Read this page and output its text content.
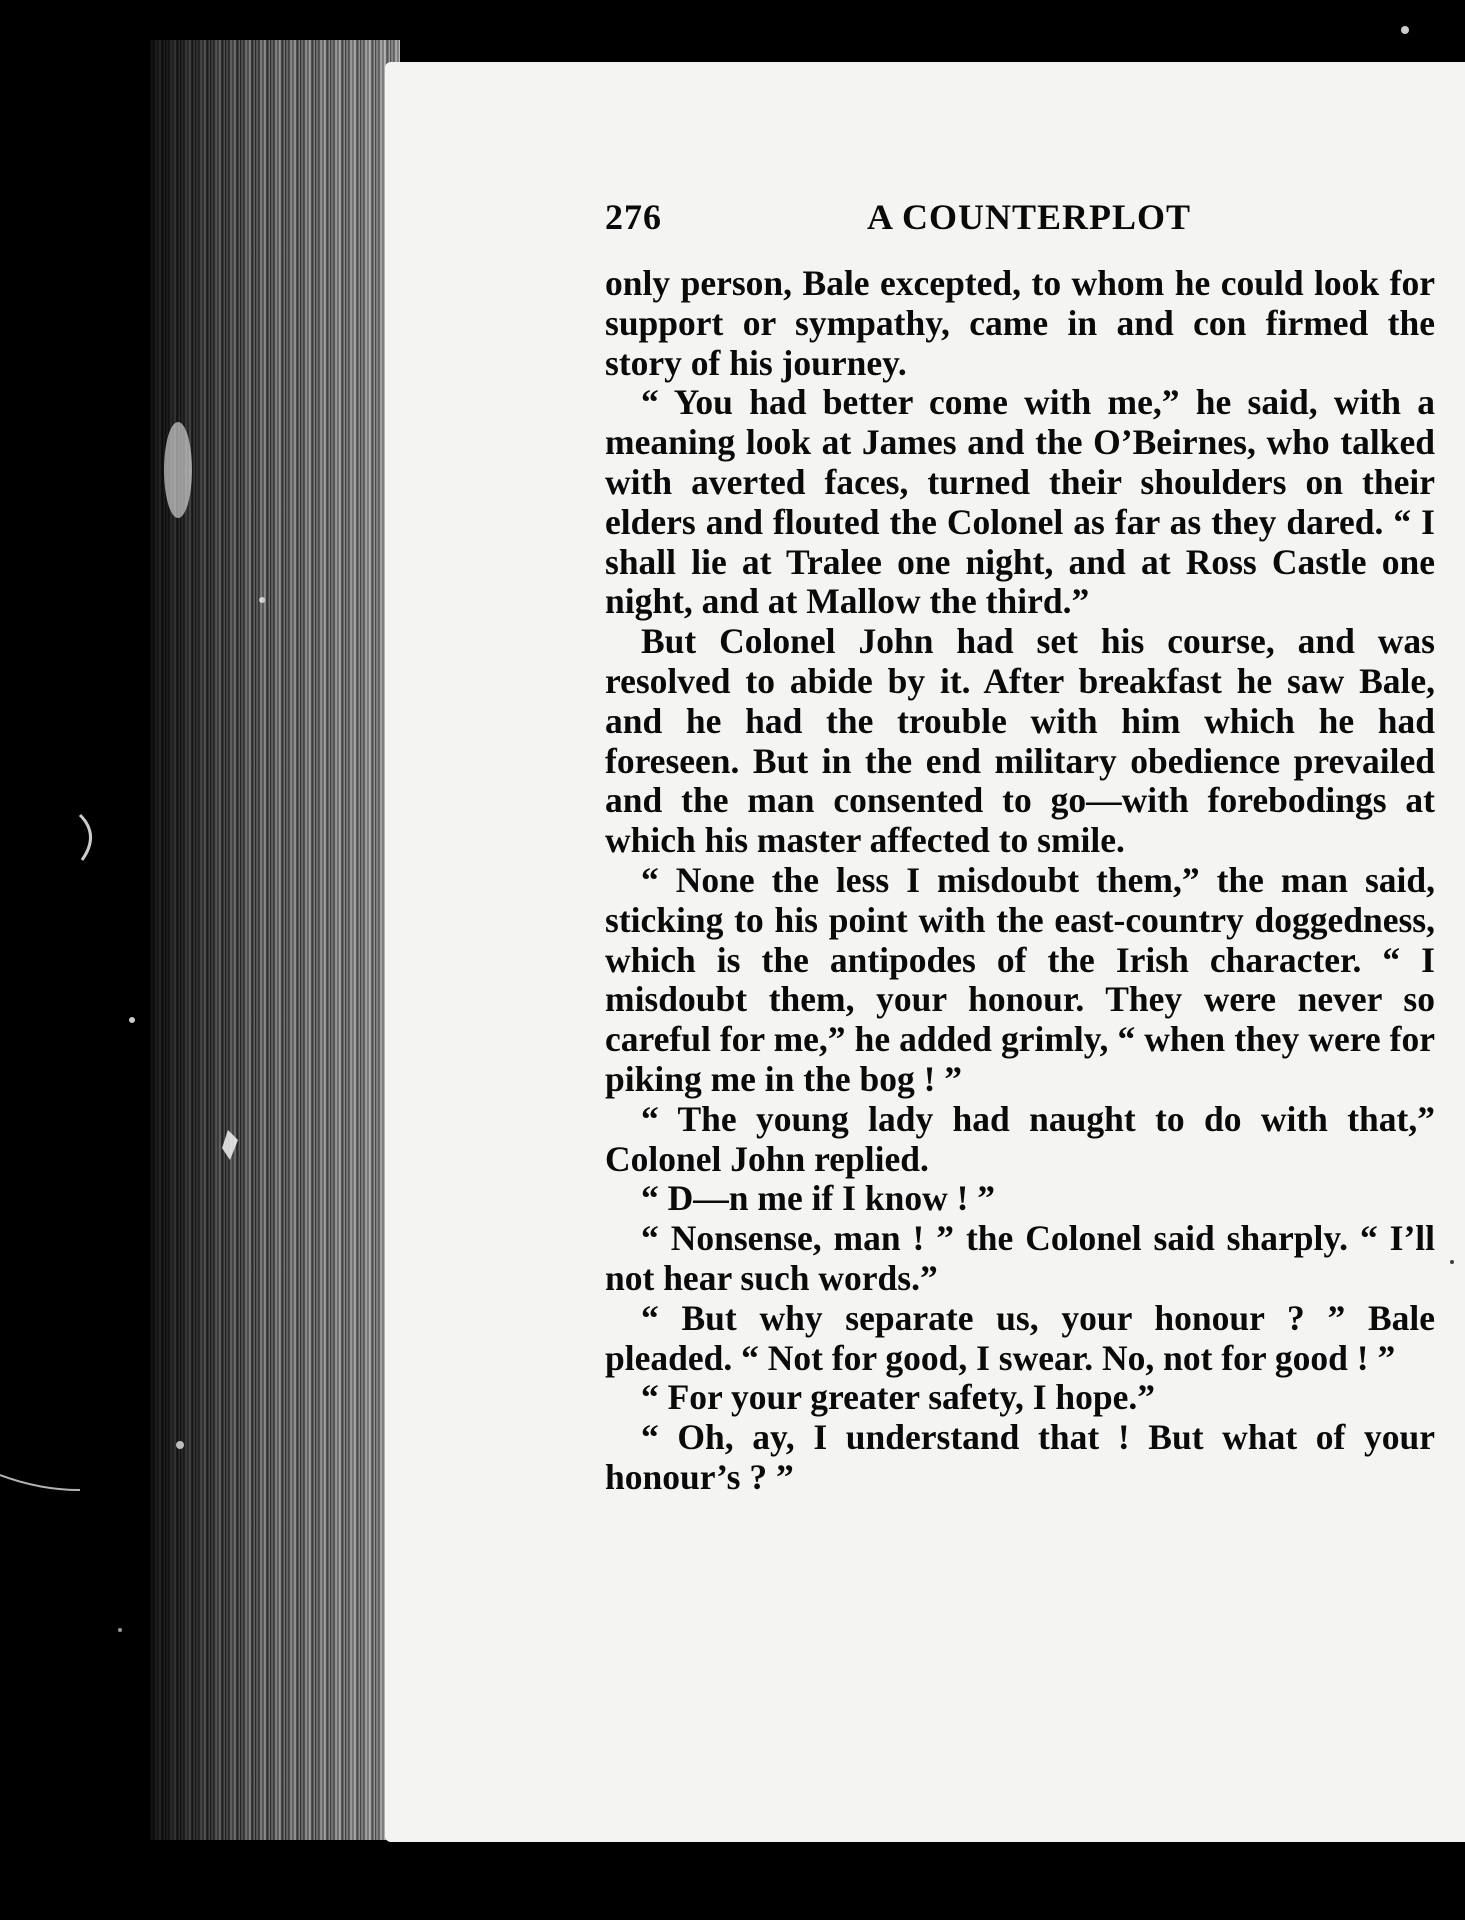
276	A COUNTERPLOT

only person, Bale excepted, to whom he could look for support or sympathy, came in and con firmed the story of his journey.

“ You had better come with me,” he said, with a meaning look at James and the O’Beirnes, who talked with averted faces, turned their shoulders on their elders and flouted the Colonel as far as they dared. “ I shall lie at Tralee one night, and at Ross Castle one night, and at Mallow the third.”

But Colonel John had set his course, and was resolved to abide by it. After breakfast he saw Bale, and he had the trouble with him which he had foreseen. But in the end military obedience prevailed and the man consented to go—with forebodings at which his master affected to smile.

“ None the less I misdoubt them,” the man said, sticking to his point with the east-country doggedness, which is the antipodes of the Irish character. “ I misdoubt them, your honour. They were never so careful for me,” he added grimly, “ when they were for piking me in the bog ! ”

“ The young lady had naught to do with that,” Colonel John replied.

“ D—n me if I know ! ”

“ Nonsense, man ! ” the Colonel said sharply. “ I’ll not hear such words.”

“ But why separate us, your honour ? ” Bale pleaded. “ Not for good, I swear. No, not for good ! ”

“ For your greater safety, I hope.”

“ Oh, ay, I understand that ! But what of your honour’s ? ”
